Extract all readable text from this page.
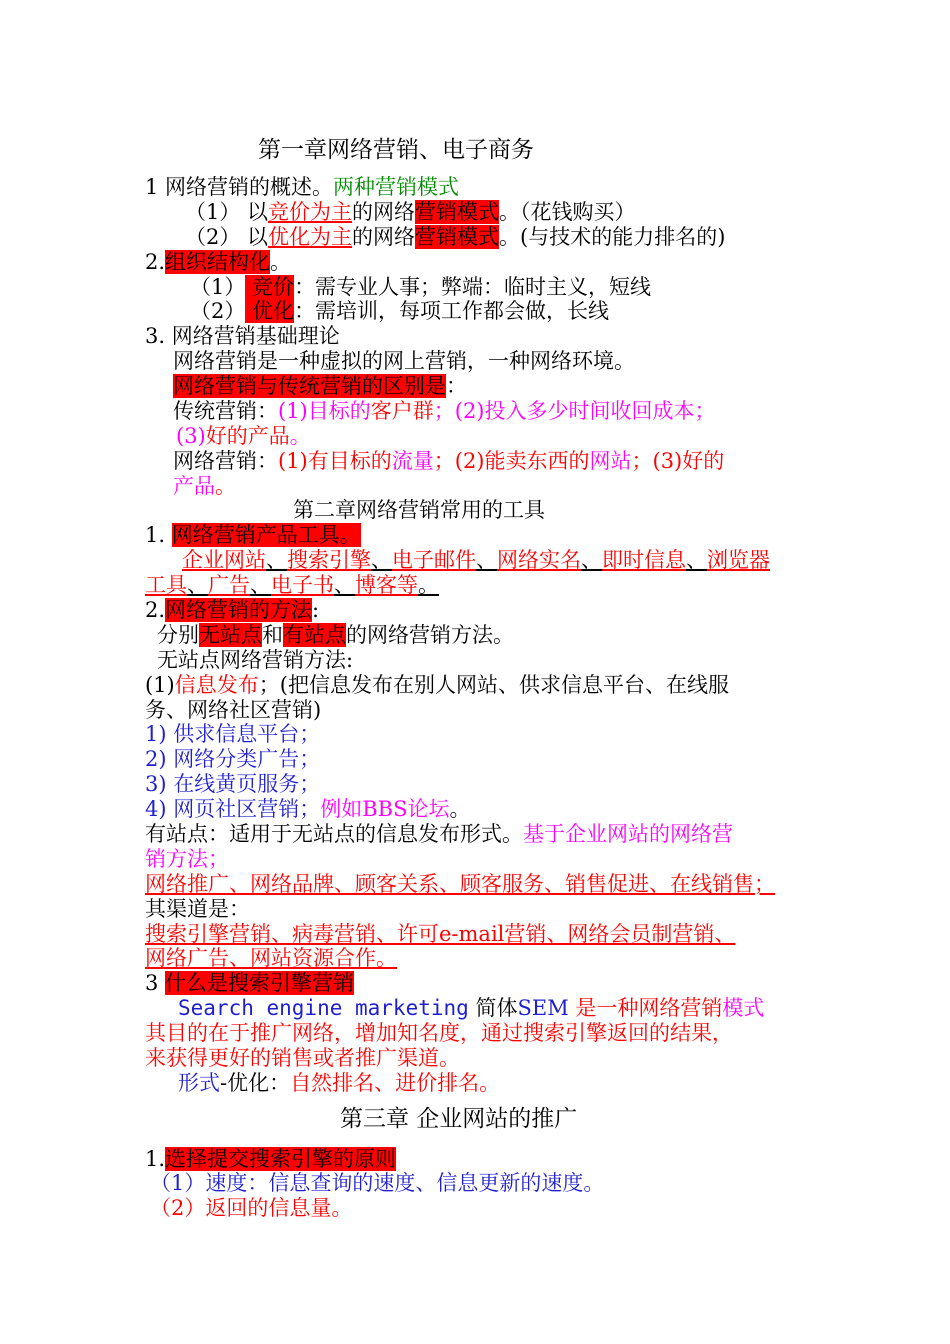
第一章网络营销、电子商务
1 网络营销的概述。两种营销模式
（1） 以竞价为主的网络营销模式。（花钱购买）
（2） 以优化为主的网络营销模式。(与技术的能力排名的)
2.组织结构化。
（1） 竞价：需专业人事；弊端：临时主义，短线
（2） 优化：需培训，每项工作都会做，长线
3. 网络营销基础理论
网络营销是一种虚拟的网上营销，一种网络环境。
网络营销与传统营销的区别是：
传统营销：(1)目标的客户群；(2)投入多少时间收回成本；
(3)好的产品。
网络营销：(1)有目标的流量；(2)能卖东西的网站；(3)好的
产品。
第二章网络营销常用的工具
1. 网络营销产品工具。
企业网站、搜索引擎、电子邮件、网络实名、即时信息、浏览器
工具、广告、电子书、博客等。
2.网络营销的方法:
分别无站点和有站点的网络营销方法。
无站点网络营销方法:
(1)信息发布；(把信息发布在别人网站、供求信息平台、在线服
务、网络社区营销)
1) 供求信息平台；
2) 网络分类广告；
3) 在线黄页服务；
4) 网页社区营销；例如BBS论坛。
有站点：适用于无站点的信息发布形式。基于企业网站的网络营
销方法；
网络推广、网络品牌、顾客关系、顾客服务、销售促进、在线销售；
其渠道是：
搜索引擎营销、病毒营销、许可e-mail营销、网络会员制营销、
网络广告、网站资源合作。
3 什么是搜索引擎营销
Search engine marketing 简体SEM 是一种网络营销模式
其目的在于推广网络，增加知名度，通过搜索引擎返回的结果，
来获得更好的销售或者推广渠道。
形式-优化：自然排名、进价排名。
第三章 企业网站的推广
1.选择提交搜索引擎的原则
（1）速度：信息查询的速度、信息更新的速度。
（2）返回的信息量。
